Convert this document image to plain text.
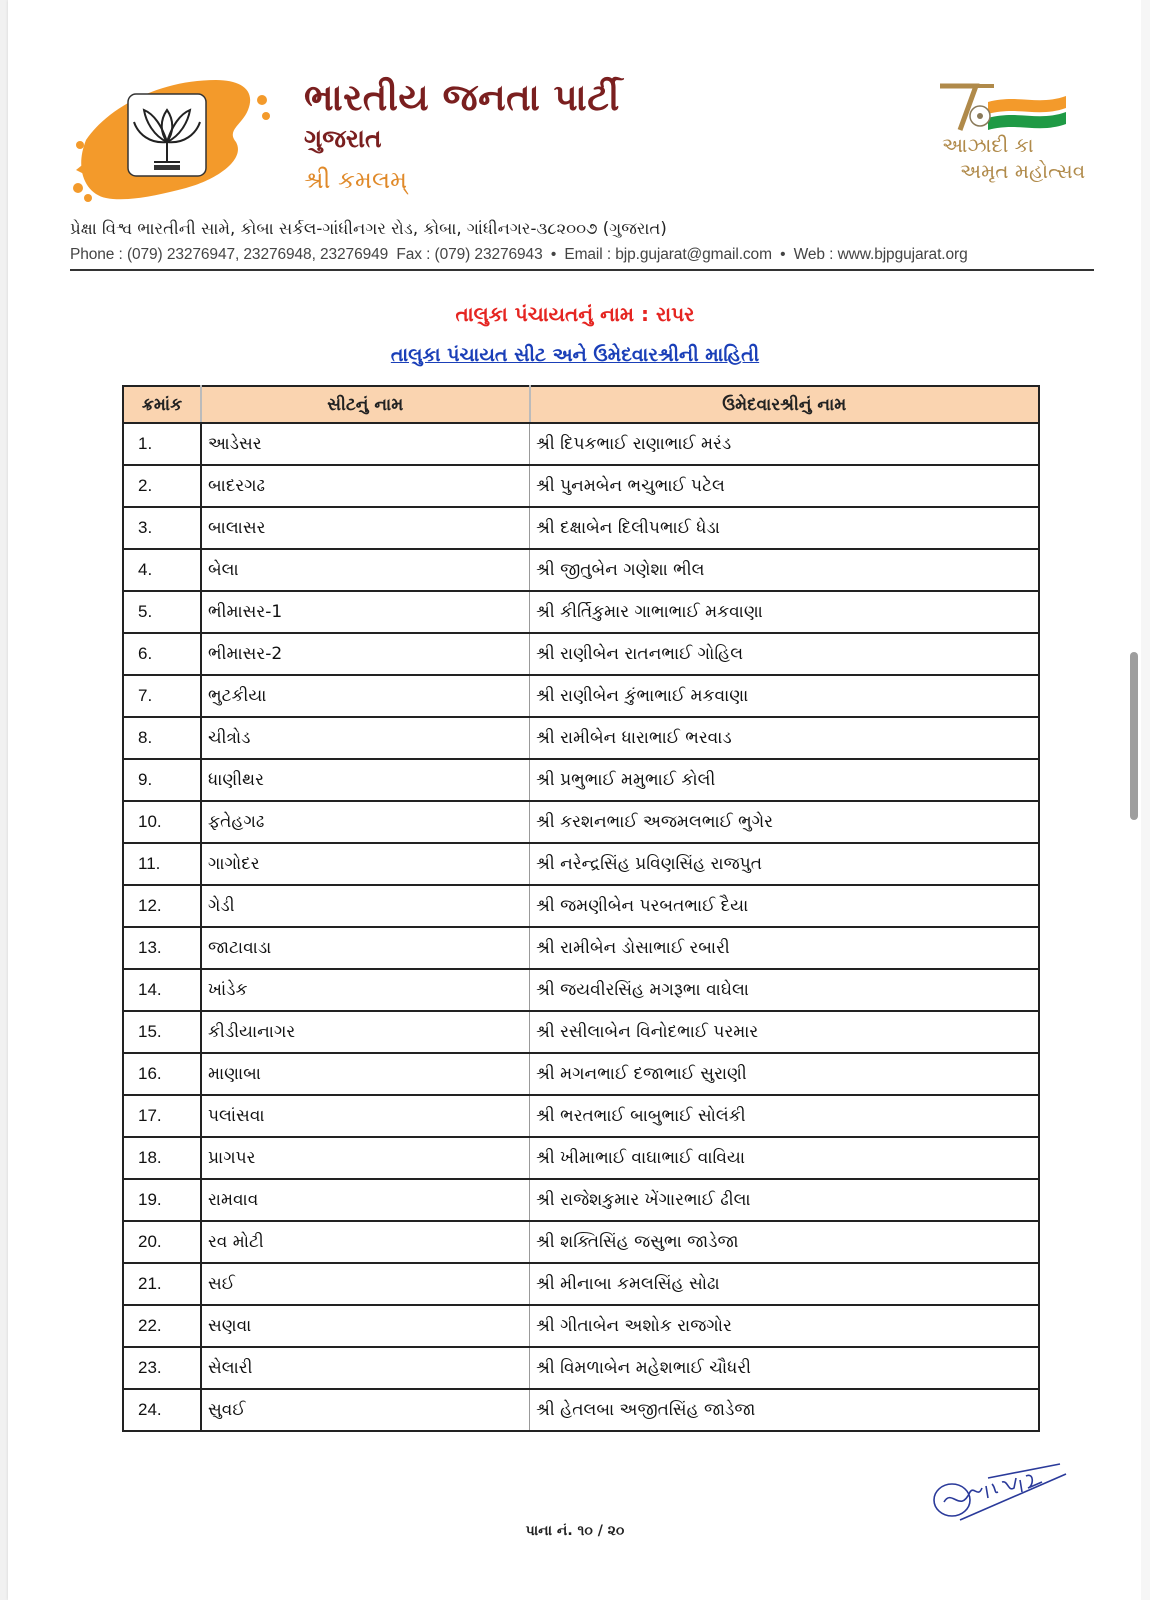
ભારતીય જનતા પાર્ટી
ગુજરાત
શ્રી કમલમ્
આઝાદી કા
અમૃત મહોત્સવ
પ્રેક્ષા વિશ્વ ભારતીની સામે, કોબા સર્કલ-ગાંધીનગર રોડ, કોબા, ગાંધીનગર-૩૮૨૦૦૭ (ગુજરાત)
Phone : (079) 23276947, 23276948, 23276949 Fax : (079) 23276943 • Email : bjp.gujarat@gmail.com • Web : www.bjpgujarat.org
તાલુકા પંચાયતનું નામ : રાપર
તાલુકા પંચાયત સીટ અને ઉમેદવારશ્રીની માહિતી
ક્રમાંક	સીટનું નામ	ઉમેદવારશ્રીનું નામ
1.	આડેસર	શ્રી દિપકભાઈ રાણાભાઈ મરંડ
2.	બાદરગઢ	શ્રી પુનમબેન ભચુભાઈ પટેલ
3.	બાલાસર	શ્રી દક્ષાબેન દિલીપભાઈ ધેડા
4.	બેલા	શ્રી જીતુબેન ગણેશા ભીલ
5.	ભીમાસર-1	શ્રી કીર્તિકુમાર ગાભાભાઈ મકવાણા
6.	ભીમાસર-2	શ્રી રાણીબેન રાતનભાઈ ગોહિલ
7.	ભુટકીયા	શ્રી રાણીબેન કુંભાભાઈ મકવાણા
8.	ચીત્રોડ	શ્રી રામીબેન ધારાભાઈ ભરવાડ
9.	ધાણીથર	શ્રી પ્રભુભાઈ મમુભાઈ કોલી
10.	ફતેહગઢ	શ્રી કરશનભાઈ અજમલભાઈ ભુગેર
11.	ગાગોદર	શ્રી નરેન્દ્રસિંહ પ્રવિણસિંહ રાજપુત
12.	ગેડી	શ્રી જમણીબેન પરબતભાઈ દૈયા
13.	જાટાવાડા	શ્રી રામીબેન ડોસાભાઈ રબારી
14.	ખાંડેક	શ્રી જયવીરસિંહ મગરૂભા વાઘેલા
15.	કીડીયાનાગર	શ્રી રસીલાબેન વિનોદભાઈ પરમાર
16.	માણાબા	શ્રી મગનભાઈ દજાભાઈ સુરાણી
17.	પલાંસવા	શ્રી ભરતભાઈ બાબુભાઈ સોલંકી
18.	પ્રાગપર	શ્રી ખીમાભાઈ વાઘાભાઈ વાવિયા
19.	રામવાવ	શ્રી રાજેશકુમાર ખેંગારભાઈ ઢીલા
20.	રવ મોટી	શ્રી શક્તિસિંહ જસુભા જાડેજા
21.	સઈ	શ્રી મીનાબા કમલસિંહ સોઢા
22.	સણવા	શ્રી ગીતાબેન અશોક રાજગોર
23.	સેલારી	શ્રી વિમળાબેન મહેશભાઈ ચૌધરી
24.	સુવઈ	શ્રી હેતલબા અજીતસિંહ જાડેજા
પાના નં. ૧૦ / ૨૦
